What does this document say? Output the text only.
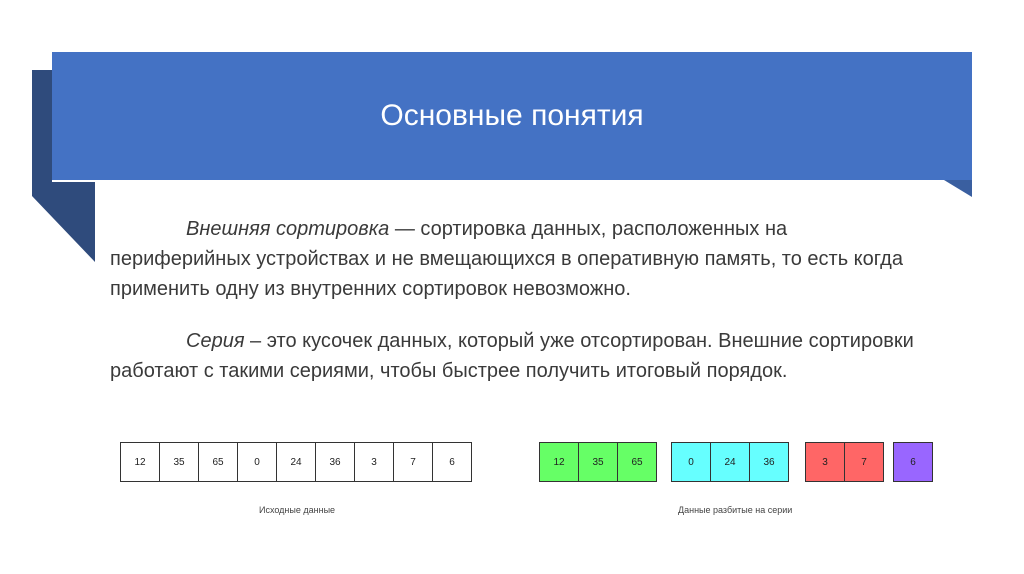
Основные понятия
Внешняя сортировка — сортировка данных, расположенных на периферийных устройствах и не вмещающихся в оперативную память, то есть когда применить одну из внутренних сортировок невозможно.
Серия – это кусочек данных, который уже отсортирован. Внешние сортировки работают с такими сериями, чтобы быстрее получить итоговый порядок.
12	35	65	0	24	36	3	7	6
Исходные данные
12	35	65	0	24	36	3	7	6
Данные разбитые на серии
